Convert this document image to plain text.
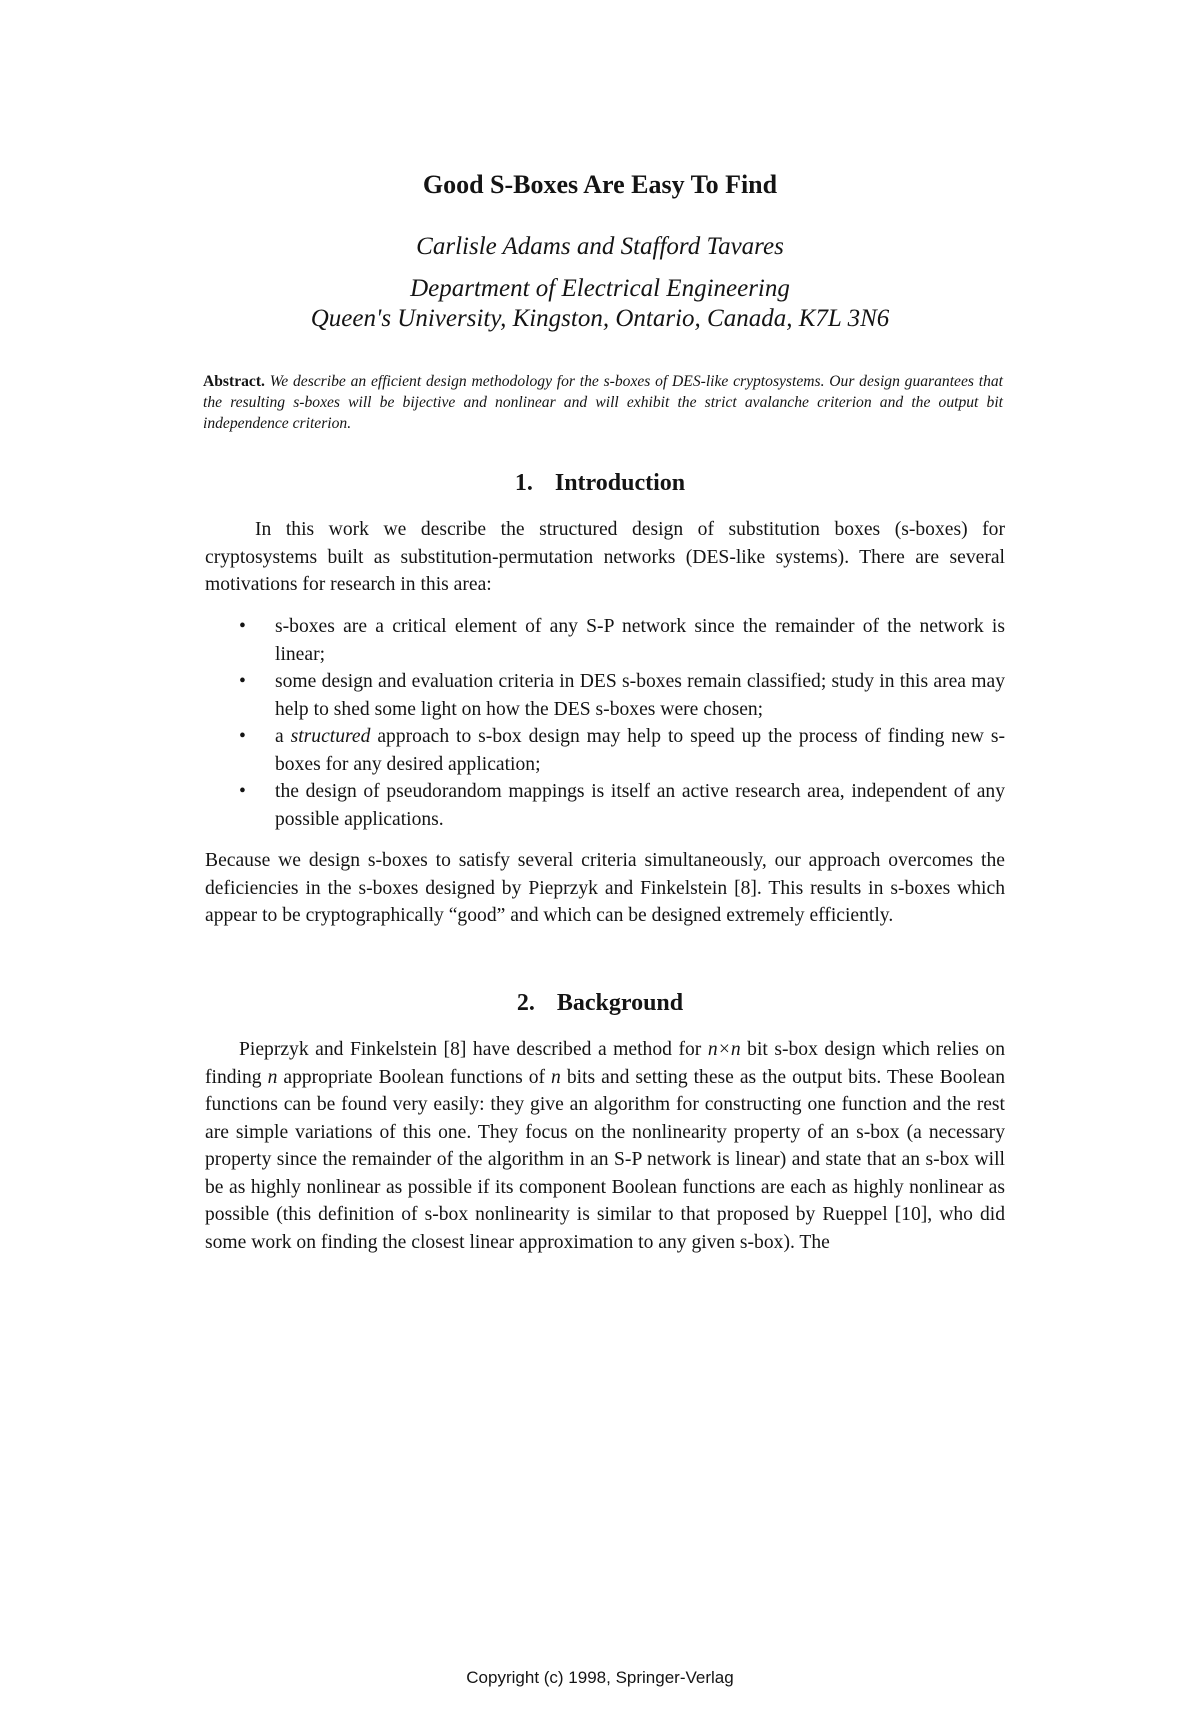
Good S-Boxes Are Easy To Find

Carlisle Adams and Stafford Tavares

Department of Electrical Engineering

Queen's University, Kingston, Ontario, Canada, K7L 3N6

Abstract. We describe an efficient design methodology for the s-boxes of DES-like cryptosystems. Our design guarantees that the resulting s-boxes will be bijective and nonlinear and will exhibit the strict avalanche criterion and the output bit independence criterion.

1. Introduction

In this work we describe the structured design of substitution boxes (s-boxes) for cryptosystems built as substitution-permutation networks (DES-like systems). There are several motivations for research in this area:

• s-boxes are a critical element of any S-P network since the remainder of the network is linear;
• some design and evaluation criteria in DES s-boxes remain classified; study in this area may help to shed some light on how the DES s-boxes were chosen;
• a structured approach to s-box design may help to speed up the process of finding new s-boxes for any desired application;
• the design of pseudorandom mappings is itself an active research area, independent of any possible applications.

Because we design s-boxes to satisfy several criteria simultaneously, our approach overcomes the deficiencies in the s-boxes designed by Pieprzyk and Finkelstein [8]. This results in s-boxes which appear to be cryptographically “good” and which can be designed extremely efficiently.

2. Background

Pieprzyk and Finkelstein [8] have described a method for n×n bit s-box design which relies on finding n appropriate Boolean functions of n bits and setting these as the output bits. These Boolean functions can be found very easily: they give an algorithm for constructing one function and the rest are simple variations of this one. They focus on the nonlinearity property of an s-box (a necessary property since the remainder of the algorithm in an S-P network is linear) and state that an s-box will be as highly nonlinear as possible if its component Boolean functions are each as highly nonlinear as possible (this definition of s-box nonlinearity is similar to that proposed by Rueppel [10], who did some work on finding the closest linear approximation to any given s-box). The

Copyright (c) 1998, Springer-Verlag
